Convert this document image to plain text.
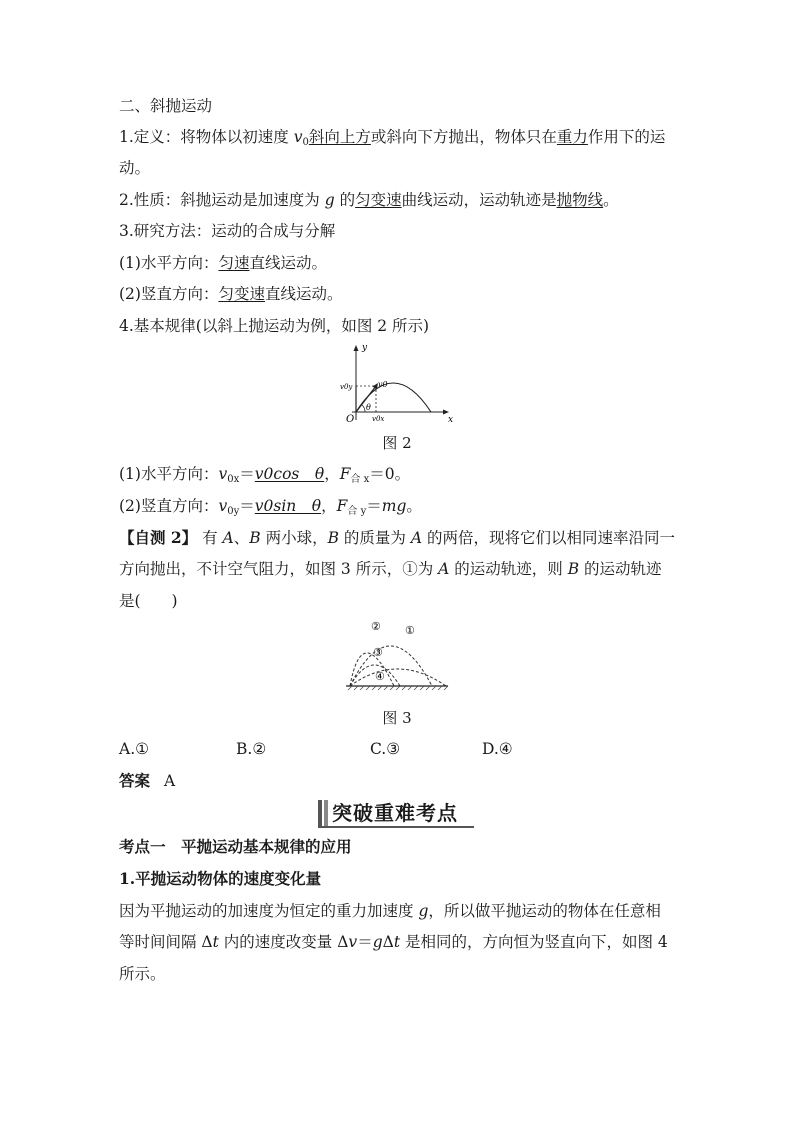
二、斜抛运动
1.定义：将物体以初速度 $v_0$斜向上方或斜向下方抛出，物体只在重力作用下的运
动。
2.性质：斜抛运动是加速度为 g 的匀变速曲线运动，运动轨迹是抛物线。
3.研究方法：运动的合成与分解
(1)水平方向：匀速直线运动。
(2)竖直方向：匀变速直线运动。
4.基本规律(以斜上抛运动为例，如图 2 所示)
y
x
O
v0y	v0
θ
v0x
图 2
(1)水平方向：$v_{0x}=v0\cos$　θ，$F_{合 x}=0$。
(2)竖直方向：$v_{0y}=v0\sin$　θ，$F_{合 y}=mg$。
【自测 2】 有 A、B 两小球，B 的质量为 A 的两倍，现将它们以相同速率沿同一
方向抛出，不计空气阻力，如图 3 所示，①为 A 的运动轨迹，则 B 的运动轨迹
是(　　)
①
②
③
④
图 3
A.①	B.②	C.③	D.④
答案 A
突破重难考点
考点一　平抛运动基本规律的应用
1.平抛运动物体的速度变化量
因为平抛运动的加速度为恒定的重力加速度 g，所以做平抛运动的物体在任意相
等时间间隔 Δt 内的速度改变量 Δv＝gΔt 是相同的，方向恒为竖直向下，如图 4
所示。
